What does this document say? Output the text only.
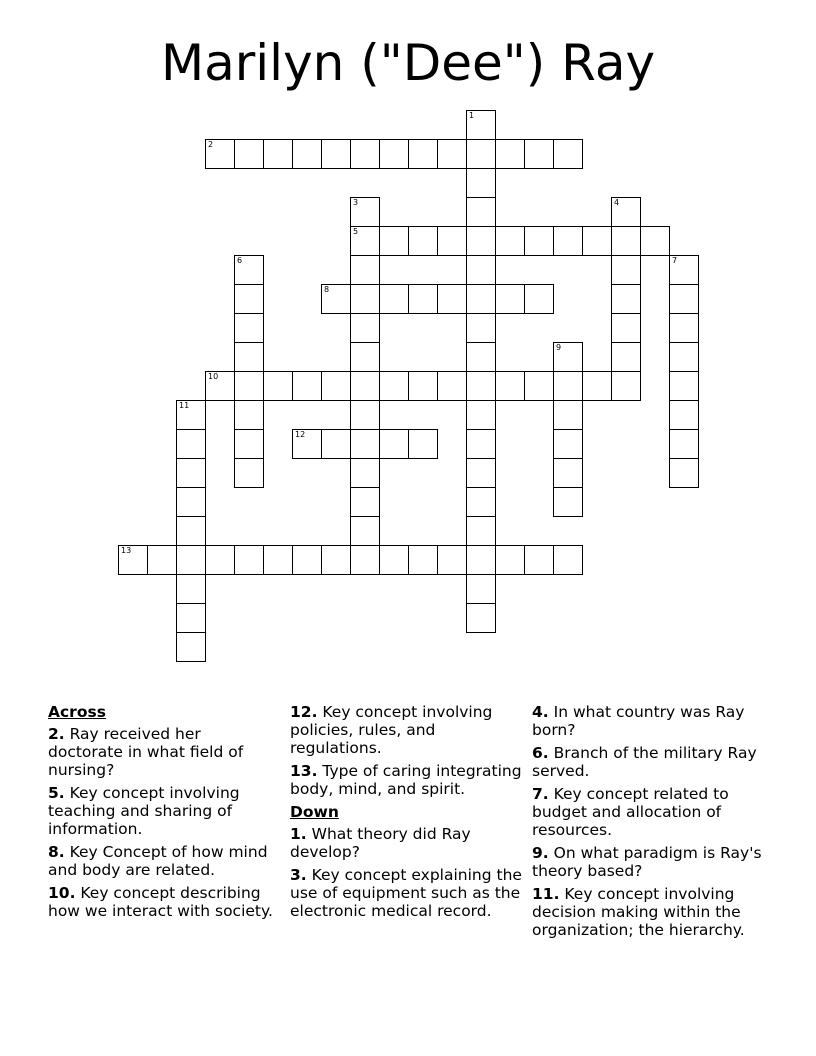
Marilyn ("Dee") Ray
2
5
8
10
12
13
1
3	4
6	7
9
11
Across
2. Ray received her doctorate in what field of nursing?
5. Key concept involving teaching and sharing of information.
8. Key Concept of how mind and body are related.
10. Key concept describing how we interact with society.
12. Key concept involving policies, rules, and regulations.
13. Type of caring integrating body, mind, and spirit.
Down
1. What theory did Ray develop?
3. Key concept explaining the use of equipment such as the electronic medical record.
4. In what country was Ray born?
6. Branch of the military Ray served.
7. Key concept related to budget and allocation of resources.
9. On what paradigm is Ray's theory based?
11. Key concept involving decision making within the organization; the hierarchy.
